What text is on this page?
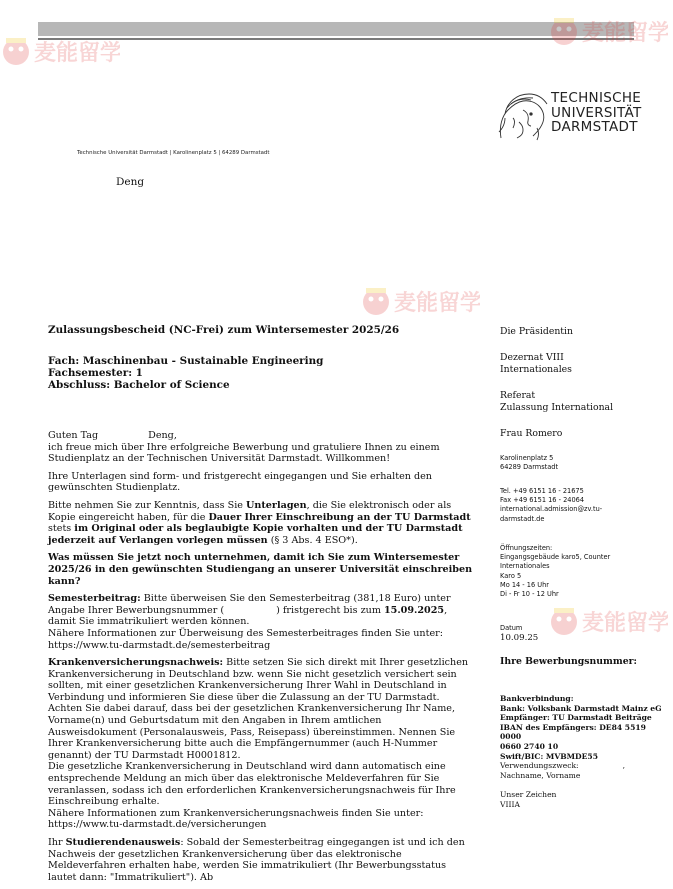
TECHNISCHE
UNIVERSITÄT
DARMSTADT
Technische Universität Darmstadt | Karolinenplatz 5 | 64289 Darmstadt
Deng
Zulassungsbescheid (NC-Frei) zum Wintersemester 2025/26

Fach: Maschinenbau - Sustainable Engineering

Fachsemester: 1

Abschluss: Bachelor of Science

Guten Tag	Deng,

ich freue mich über Ihre erfolgreiche Bewerbung und gratuliere Ihnen zu einem Studienplatz an der Technischen Universität Darmstadt. Willkommen!

Ihre Unterlagen sind form- und fristgerecht eingegangen und Sie erhalten den gewünschten Studienplatz.

Bitte nehmen Sie zur Kenntnis, dass Sie Unterlagen, die Sie elektronisch oder als Kopie eingereicht haben, für die Dauer Ihrer Einschreibung an der TU Darmstadt stets im Original oder als beglaubigte Kopie vorhalten und der TU Darmstadt jederzeit auf Verlangen vorlegen müssen (§ 3 Abs. 4 ESO*).

Was müssen Sie jetzt noch unternehmen, damit ich Sie zum Wintersemester 2025/26 in den gewünschten Studiengang an unserer Universität einschreiben kann?

Semesterbeitrag: Bitte überweisen Sie den Semesterbeitrag (381,18 Euro) unter Angabe Ihrer Bewerbungsnummer (	) fristgerecht bis zum 15.09.2025, damit Sie immatrikuliert werden können.

Nähere Informationen zur Überweisung des Semesterbeitrages finden Sie unter: https://www.tu-darmstadt.de/semesterbeitrag

Krankenversicherungsnachweis: Bitte setzen Sie sich direkt mit Ihrer gesetzlichen Krankenversicherung in Deutschland bzw. wenn Sie nicht gesetzlich versichert sein sollten, mit einer gesetzlichen Krankenversicherung Ihrer Wahl in Deutschland in Verbindung und informieren Sie diese über die Zulassung an der TU Darmstadt. Achten Sie dabei darauf, dass bei der gesetzlichen Krankenversicherung Ihr Name, Vorname(n) und Geburtsdatum mit den Angaben in Ihrem amtlichen Ausweisdokument (Personalausweis, Pass, Reisepass) übereinstimmen. Nennen Sie Ihrer Krankenversicherung bitte auch die Empfängernummer (auch H-Nummer genannt) der TU Darmstadt H0001812.

Die gesetzliche Krankenversicherung in Deutschland wird dann automatisch eine entsprechende Meldung an mich über das elektronische Meldeverfahren für Sie veranlassen, sodass ich den erforderlichen Krankenversicherungsnachweis für Ihre Einschreibung erhalte.

Nähere Informationen zum Krankenversicherungsnachweis finden Sie unter: https://www.tu-darmstadt.de/versicherungen

Ihr Studierendenausweis: Sobald der Semesterbeitrag eingegangen ist und ich den Nachweis der gesetzlichen Krankenversicherung über das elektronische Meldeverfahren erhalten habe, werden Sie immatrikuliert (Ihr Bewerbungsstatus lautet dann: "Immatrikuliert"). Ab

Die Präsidentin

Dezernat VIII

Internationales

Referat

Zulassung International

Frau Romero

Karolinenplatz 5

64289 Darmstadt

Tel. +49 6151 16 - 21675

Fax +49 6151 16 - 24064

international.admission@zv.tu-

darmstadt.de

Öffnungszeiten:

Eingangsgebäude karo5, Counter

Internationales

Karo 5

Mo 14 - 16 Uhr

Di - Fr 10 - 12 Uhr

Datum
10.09.25
Ihre Bewerbungsnummer:

Bankverbindung:

Bank: Volksbank Darmstadt Mainz eG

Empfänger: TU Darmstadt Beiträge

IBAN des Empfängers: DE84 5519 0000

0660 2740 10

Swift/BIC: MVBMDE55

Verwendungszweck:	,

Nachname, Vorname

Unser Zeichen

VIIIA

麦能留学
麦能留学
麦能留学
麦能留学
